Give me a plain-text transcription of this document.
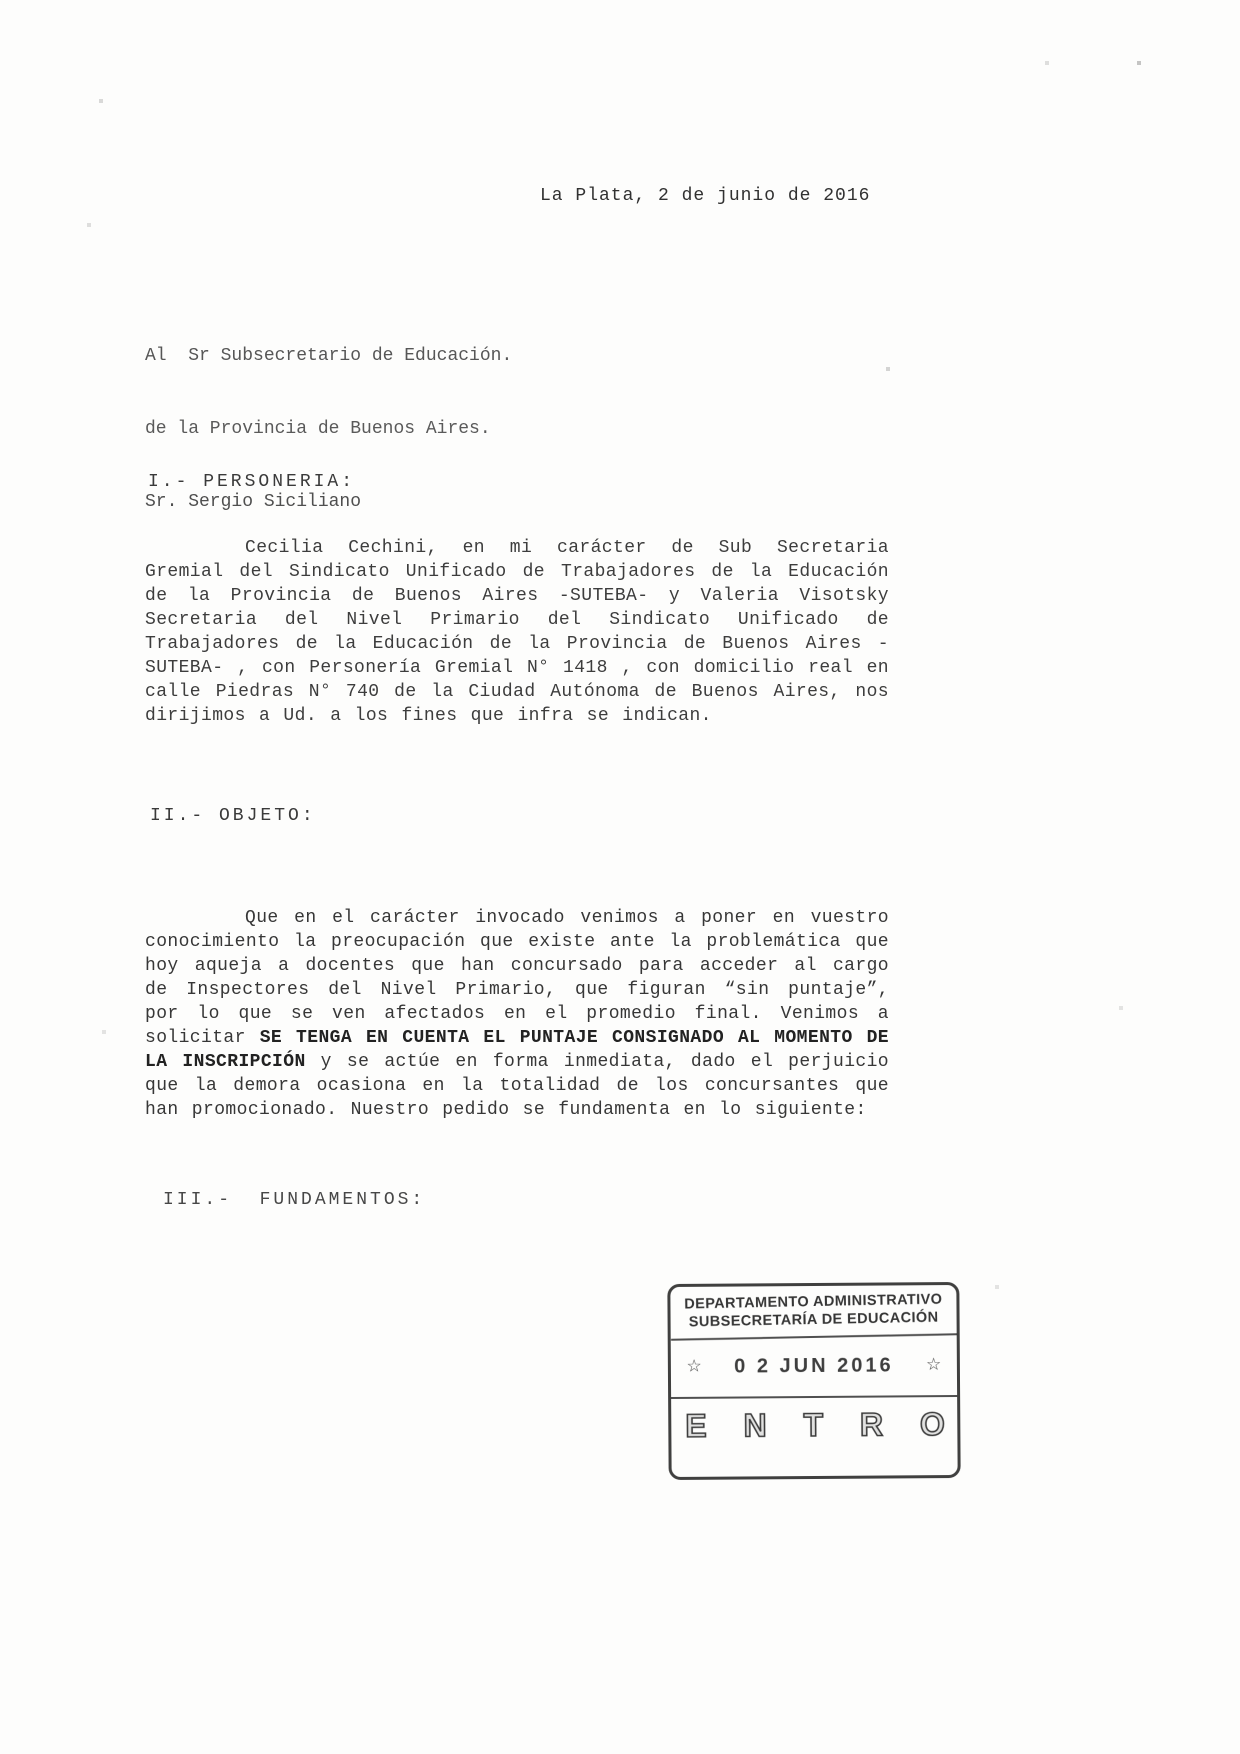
La Plata, 2 de junio de 2016

Al  Sr Subsecretario de Educación.

de la Provincia de Buenos Aires.

Sr. Sergio Siciliano

I.- PERSONERIA:

Cecilia Cechini, en mi carácter de Sub Secretaria Gremial del Sindicato Unificado de Trabajadores de la Educación de la Provincia de Buenos Aires -SUTEBA- y Valeria Visotsky Secretaria del Nivel Primario del Sindicato Unificado de Trabajadores de la Educación de la Provincia de Buenos Aires -SUTEBA- , con Personería Gremial N° 1418 , con domicilio real en calle Piedras N° 740 de la Ciudad Autónoma de Buenos Aires, nos dirijimos a Ud. a los fines que infra se indican.

II.- OBJETO:

Que en el carácter invocado venimos a poner en vuestro conocimiento la preocupación que existe ante la problemática que hoy aqueja a docentes que han concursado para acceder al cargo de Inspectores del Nivel Primario, que figuran “sin puntaje”, por lo que se ven afectados en el promedio final. Venimos a solicitar SE TENGA EN CUENTA EL PUNTAJE CONSIGNADO AL MOMENTO DE LA INSCRIPCIÓN y se actúe en forma inmediata, dado el perjuicio que la demora ocasiona en la totalidad de los concursantes que han promocionado. Nuestro pedido se fundamenta en lo siguiente:

III.-  FUNDAMENTOS:
DEPARTAMENTO ADMINISTRATIVO
SUBSECRETARÍA DE EDUCACIÓN
☆ 0 2 JUN 2016 ☆
E N T R O
